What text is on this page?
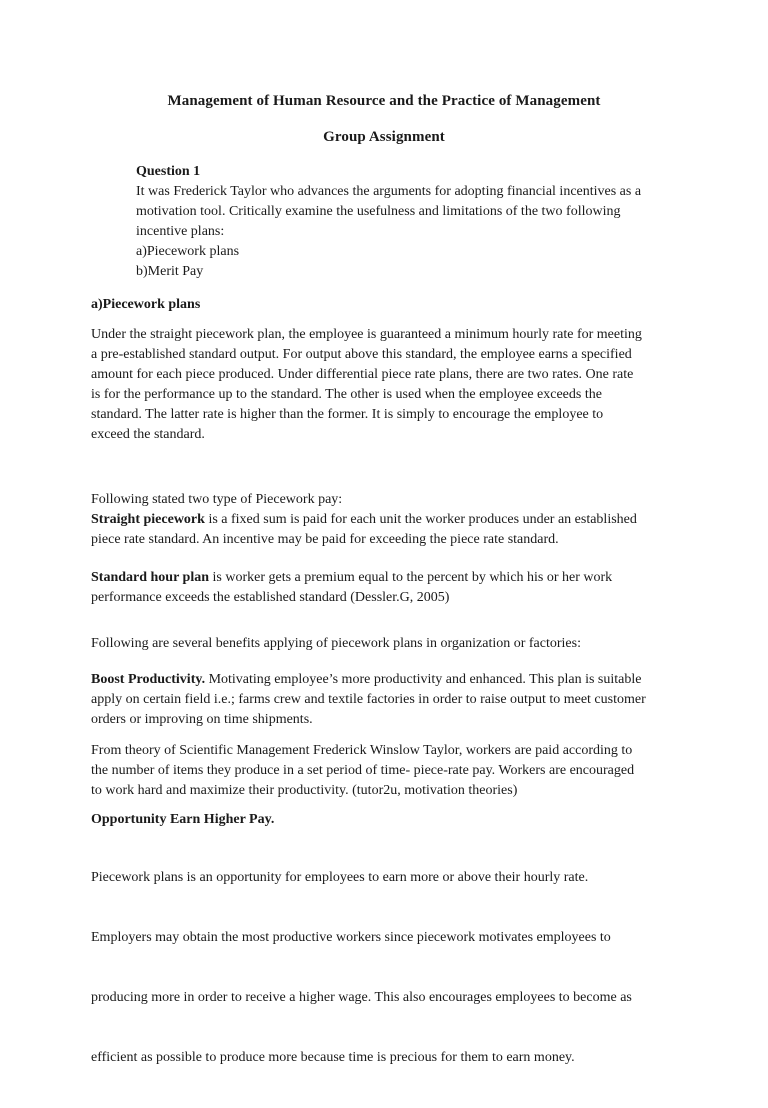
Management of Human Resource and the Practice of Management
Group Assignment
Question 1
It was Frederick Taylor who advances the arguments for adopting financial incentives as a
motivation tool. Critically examine the usefulness and limitations of the two following
incentive plans:
a)Piecework plans
b)Merit Pay
a)Piecework plans
Under the straight piecework plan, the employee is guaranteed a minimum hourly rate for meeting
a pre-established standard output. For output above this standard, the employee earns a specified
amount for each piece produced. Under differential piece rate plans, there are two rates. One rate
is for the performance up to the standard. The other is used when the employee exceeds the
standard. The latter rate is higher than the former. It is simply to encourage the employee to
exceed the standard.
Following stated two type of Piecework pay:
Straight piecework is a fixed sum is paid for each unit the worker produces under an established
piece rate standard. An incentive may be paid for exceeding the piece rate standard.
Standard hour plan is worker gets a premium equal to the percent by which his or her work
performance exceeds the established standard (Dessler.G, 2005)
Following are several benefits applying of piecework plans in organization or factories:
Boost Productivity. Motivating employee’s more productivity and enhanced. This plan is suitable
apply on certain field i.e.; farms crew and textile factories in order to raise output to meet customer
orders or improving on time shipments.
From theory of Scientific Management Frederick Winslow Taylor, workers are paid according to
the number of items they produce in a set period of time- piece-rate pay. Workers are encouraged
to work hard and maximize their productivity. (tutor2u, motivation theories)
Opportunity Earn Higher Pay.

Piecework plans is an opportunity for employees to earn more or above their hourly rate.

Employers may obtain the most productive workers since piecework motivates employees to

producing more in order to receive a higher wage. This also encourages employees to become as

efficient as possible to produce more because time is precious for them to earn money.
